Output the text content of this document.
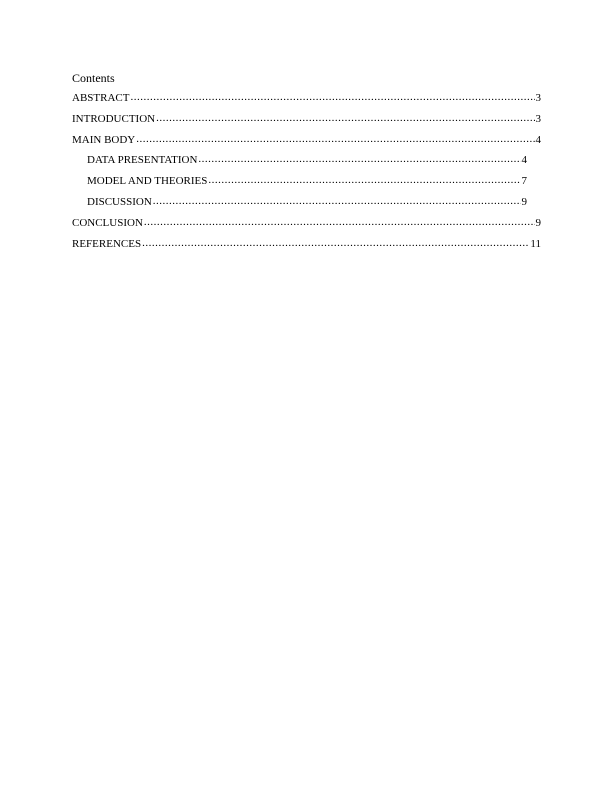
Contents
ABSTRACT .....	3
INTRODUCTION .....	3
MAIN BODY .....	4
DATA PRESENTATION .....	4
MODEL AND THEORIES .....	7
DISCUSSION .....	9
CONCLUSION .....	9
REFERENCES .....	11
